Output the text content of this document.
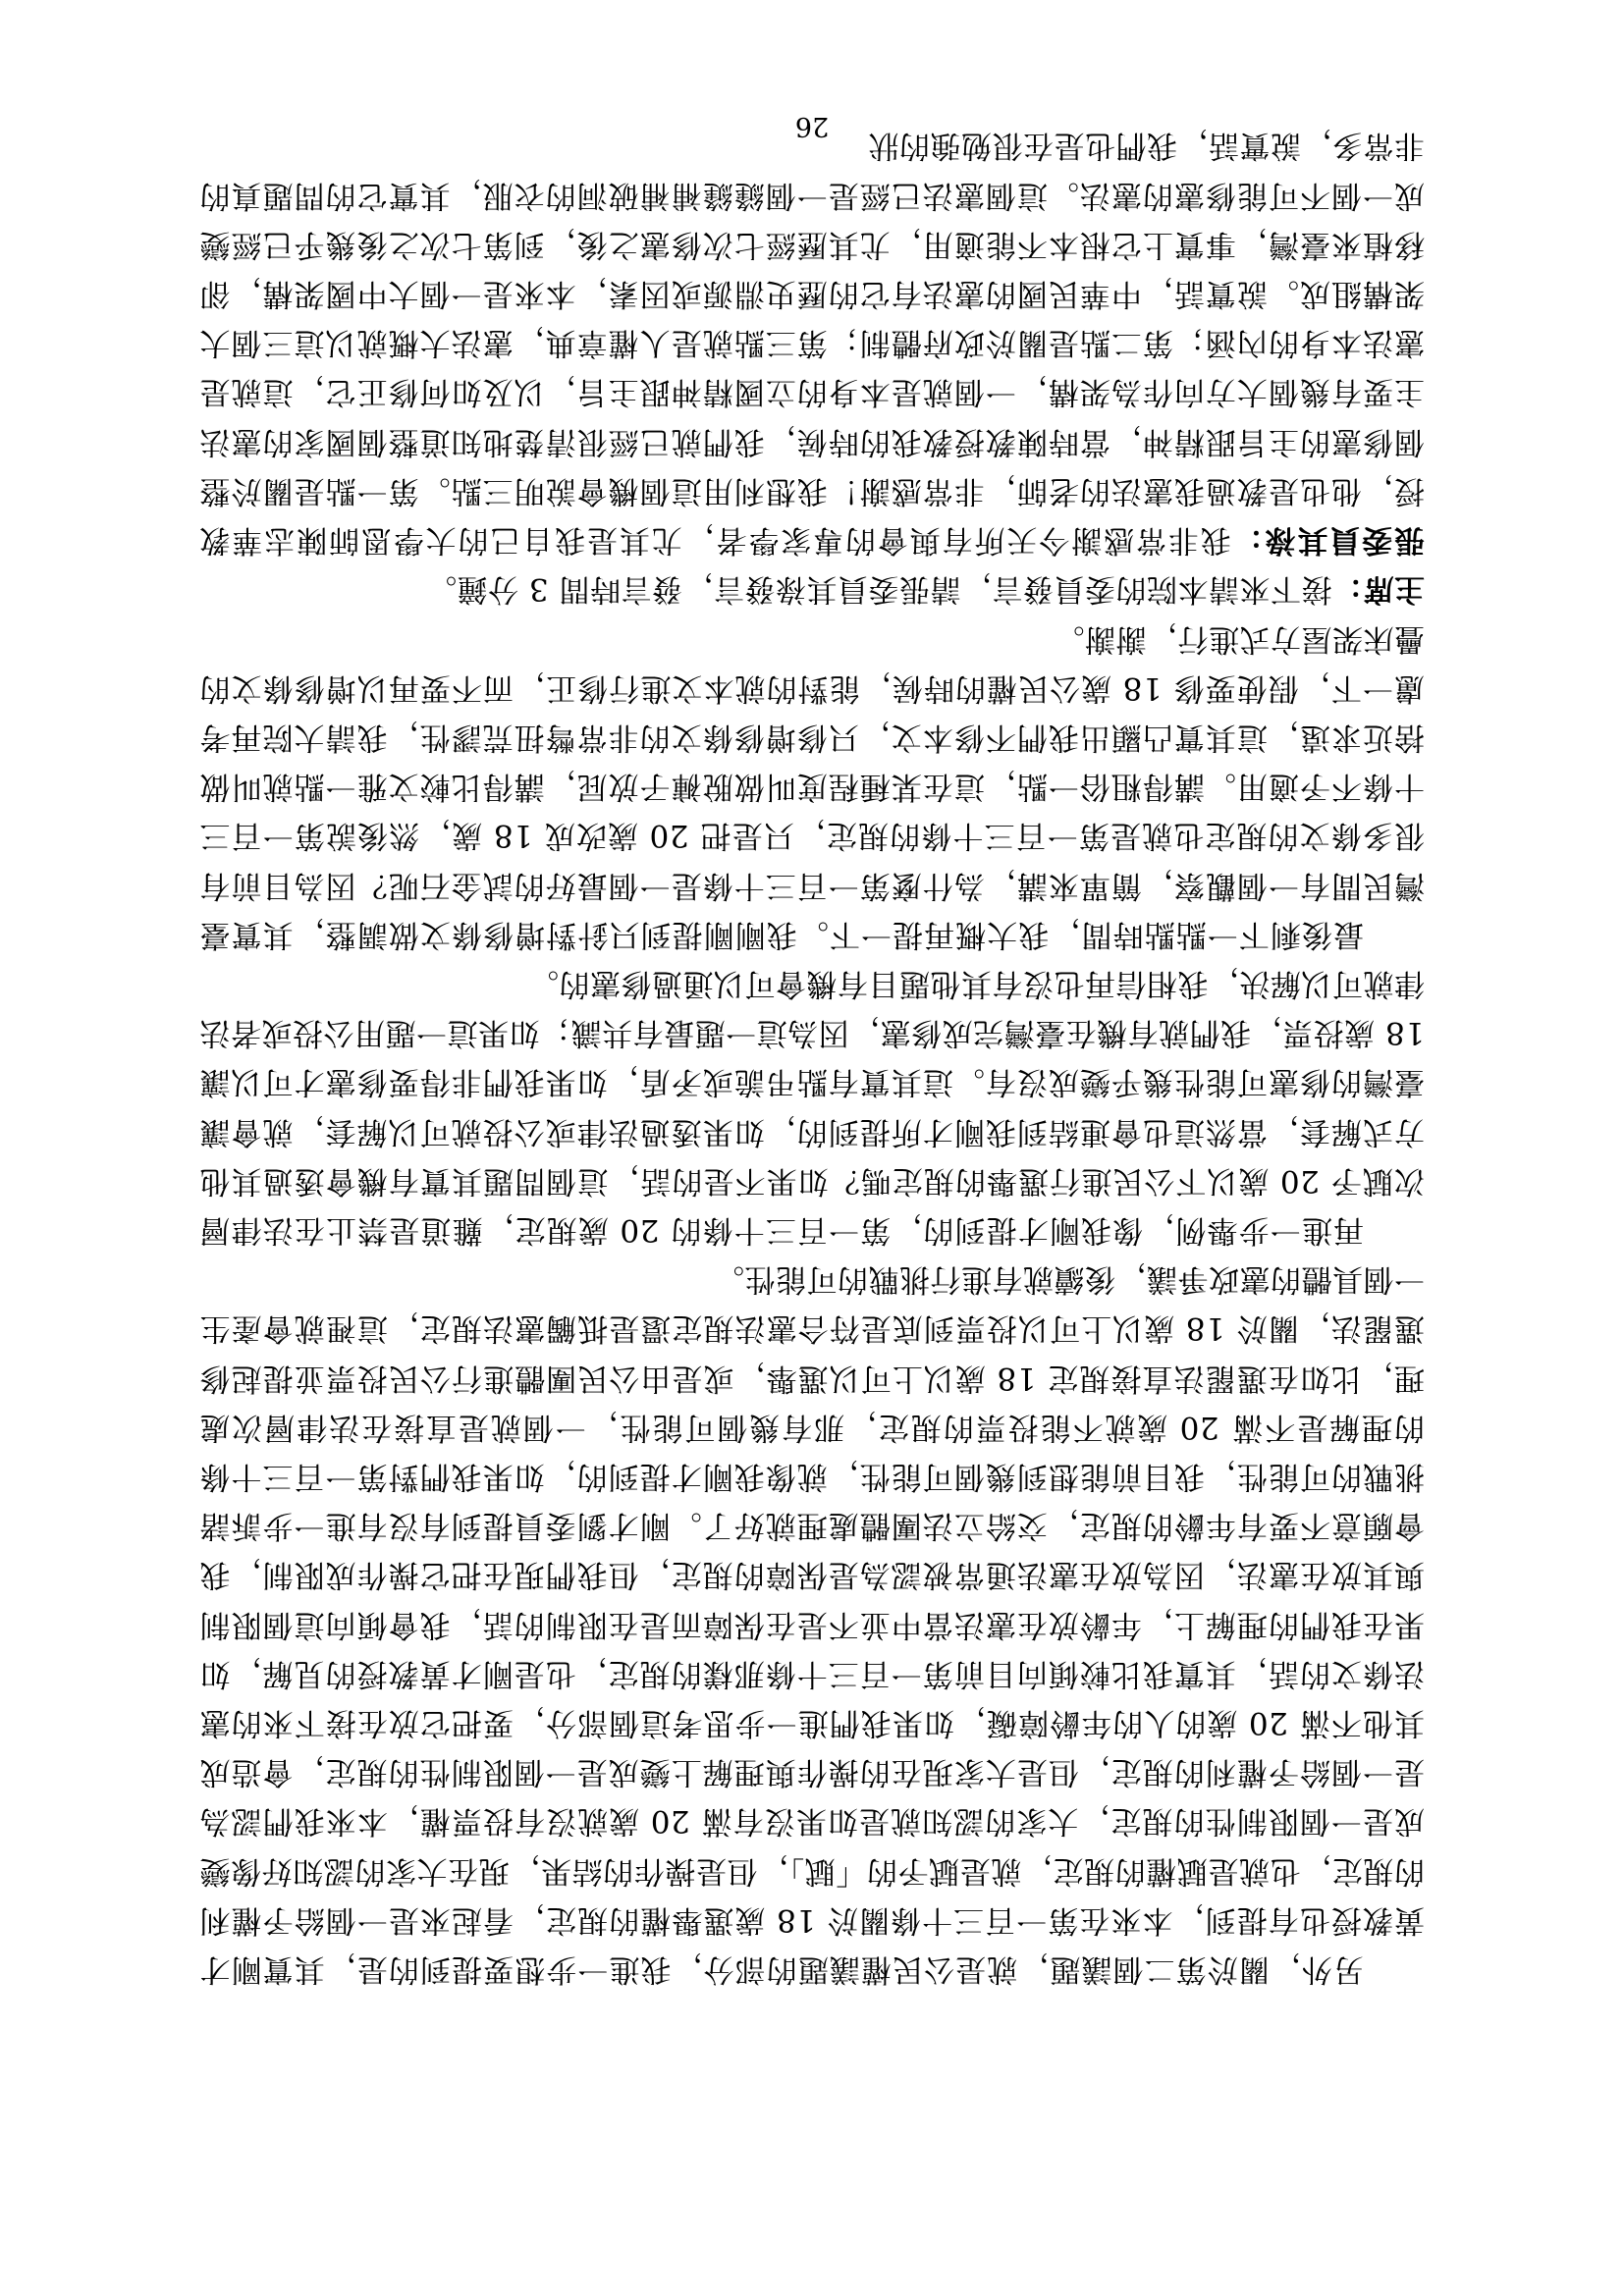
另外，關於第二個議題，就是公民權議題的部分，我進一步想要提到的是，其實剛才黃教授也有提到，本來在第一百三十條關於 18 歲選舉權的規定，看起來是一個給予權利的規定，也就是賦權的規定，就是賦予的「賦」，但是操作的結果，現在大家的認知好像變成是一個限制性的規定，大家的認知就是如果沒有滿 20 歲就沒有投票權，本來我們認為是一個給予權利的規定，但是大家現在的操作與理解上變成是一個限制性的規定，會造成其他不滿 20 歲的人的年齡障礙，如果我們進一步思考這個部分，要把它放在接下來的憲法條文的話，其實我比較傾向目前第一百三十條那樣的規定，也是剛才黃教授的見解，如果在我們的理解上，年齡放在憲法當中並不是在保障而是在限制的話，我會傾向這個限制與其放在憲法，因為放在憲法通常被認為是保障的規定，但我們現在把它操作成限制，我會願意不要有年齡的規定，交給立法團體處理就好了。剛才劉委員提到有沒有進一步訴諸挑戰的可能性，我目前能想到幾個可能性，就像我剛才提到的，如果我們對第一百三十條的理解是不滿 20 歲就不能投票的規定，那有幾個可能性，一個就是直接在法律層次處理，比如在選罷法直接規定 18 歲以上可以選舉，或是由公民團體進行公民投票並提起修選罷法，關於 18 歲以上可以投票到底是符合憲法規定還是抵觸憲法規定，這裡就會產生一個具體的憲政爭議，後續就有進行挑戰的可能性。

再進一步舉例，像我剛才提到的，第一百三十條的 20 歲規定，難道是禁止在法律層次賦予 20 歲以下公民進行選舉的規定嗎？如果不是的話，這個問題其實有機會透過其他方式解套，當然這也會連結到我剛才所提到的，如果透過法律或公投就可以解套，就會讓臺灣的修憲可能性幾乎變成沒有。這其實有點弔詭或矛盾，如果我們非得要修憲才可以讓 18 歲投票，我們就有機在臺灣完成修憲，因為這一題最有共識；如果這一題用公投或者法律就可以解決，我相信再也沒有其他題目有機會可以通過修憲的。

最後剩下一點點時間，我大概再提一下。我剛剛提到只針對增修條文做調整，其實臺灣民間有一個觀察，簡單來講，為什麼第一百三十條是一個最好的試金石呢？因為目前有很多條文的規定也就是第一百三十條的規定，只是把 20 歲改成 18 歲，然後說第一百三十條不予適用。講得粗俗一點，這在某種程度叫做脫褲子放屁，講得比較文雅一點就叫做捨近求遠，這其實凸顯出我們不修本文，只修增修條文的非常彆扭荒謬性，我請大院再考慮一下，假使要修 18 歲公民權的時候，能對的就本文進行修正，而不要再以增修條文的疊床架屋方式進行，謝謝。

主席：接下來請本院的委員發言，請張委員其祿發言，發言時間 3 分鐘。

張委員其祿：我非常感謝今天所有與會的專家學者，尤其是我自己的大學恩師陳志華教授，他也是教過我憲法的老師，非常感謝！我想利用這個機會說明三點。第一點是關於整個修憲的主旨跟精神，當時陳教授教我的時候，我們就已經很清楚地知道整個國家的憲法主要有幾個大方向作為架構，一個就是本身的立國精神跟主旨，以及如何修正它，這就是憲法本身的內涵；第二點是關於政府體制；第三點就是人權章典，憲法大概就以這三個大架構組成。說實話，中華民國的憲法有它的歷史淵源或因素，本來是一個大中國架構，卻移植來臺灣，事實上它根本不能適用，尤其歷經七次修憲之後，到第七次之後幾乎已經變成一個不可能修憲的憲法。這個憲法已經是一個縫縫補補破洞的衣服，其實它的問題真的非常多，說實話，我們也是在很勉強的狀

26
